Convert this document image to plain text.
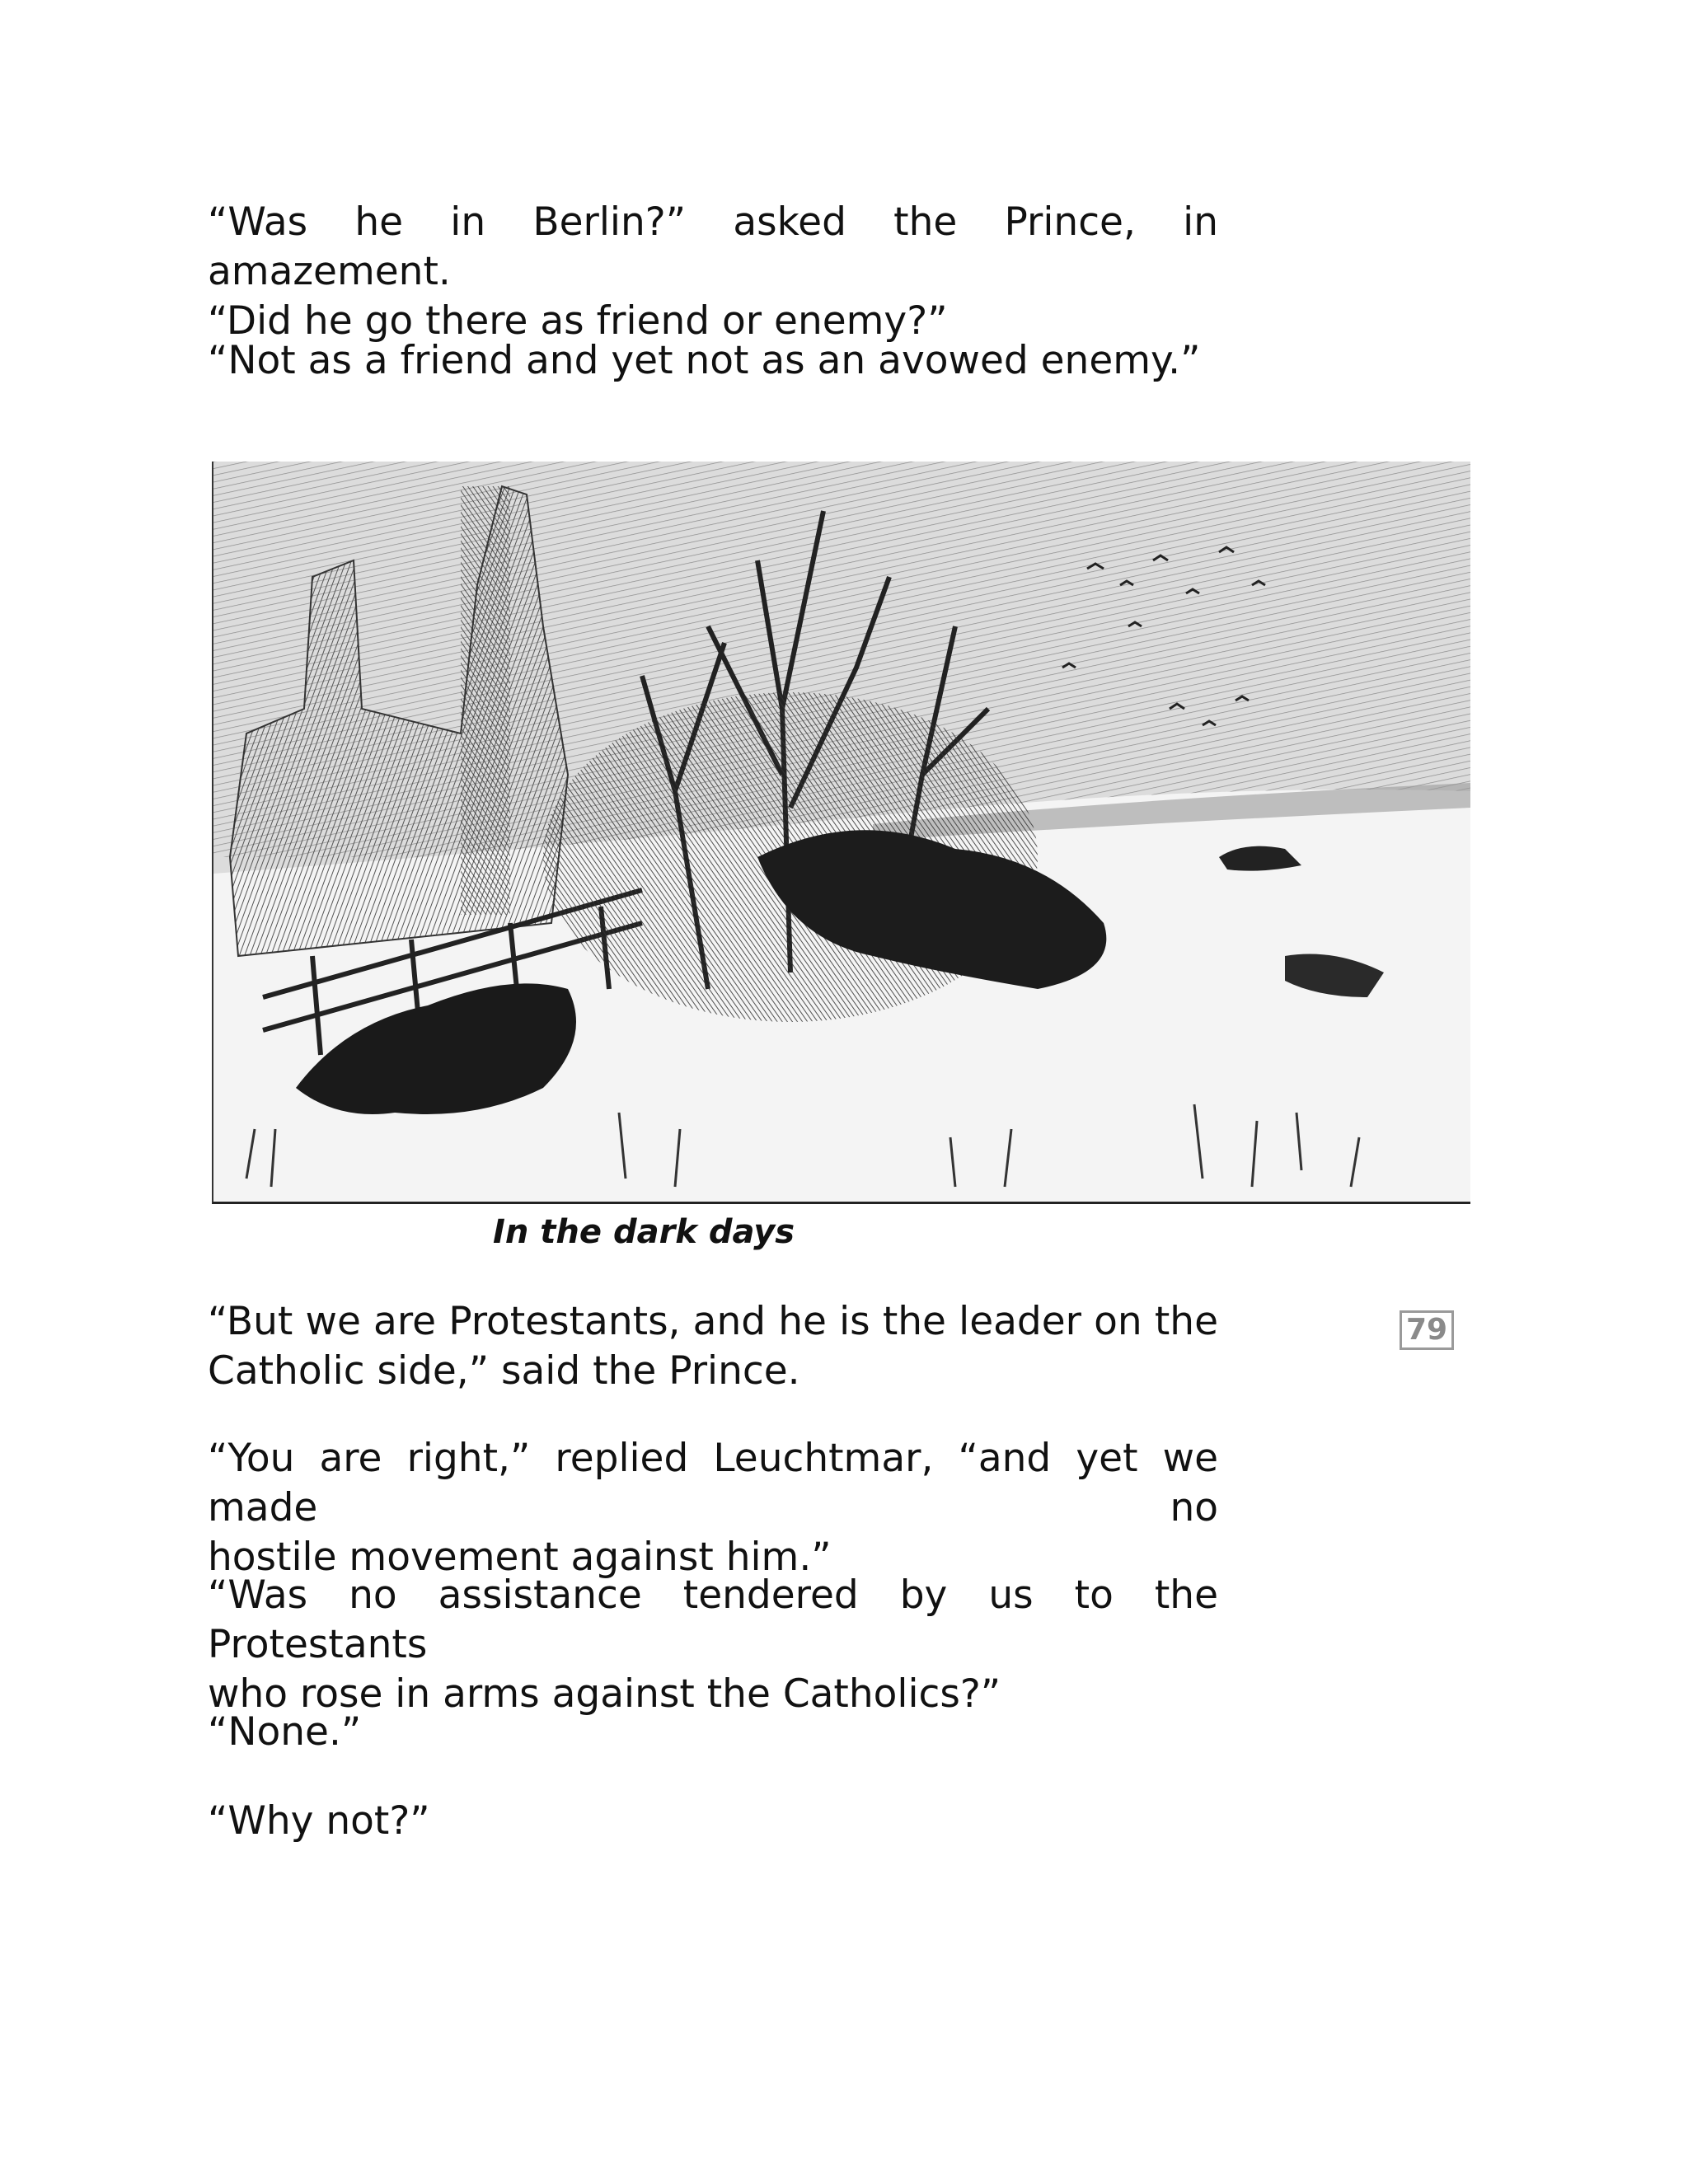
“Was he in Berlin?” asked the Prince, in amazement.
“Did he go there as friend or enemy?”

“Not as a friend and yet not as an avowed enemy.”

In the dark days

79

“But we are Protestants, and he is the leader on the
Catholic side,” said the Prince.

“You are right,” replied Leuchtmar, “and yet we made no
hostile movement against him.”

“Was no assistance tendered by us to the Protestants
who rose in arms against the Catholics?”

“None.”

“Why not?”
